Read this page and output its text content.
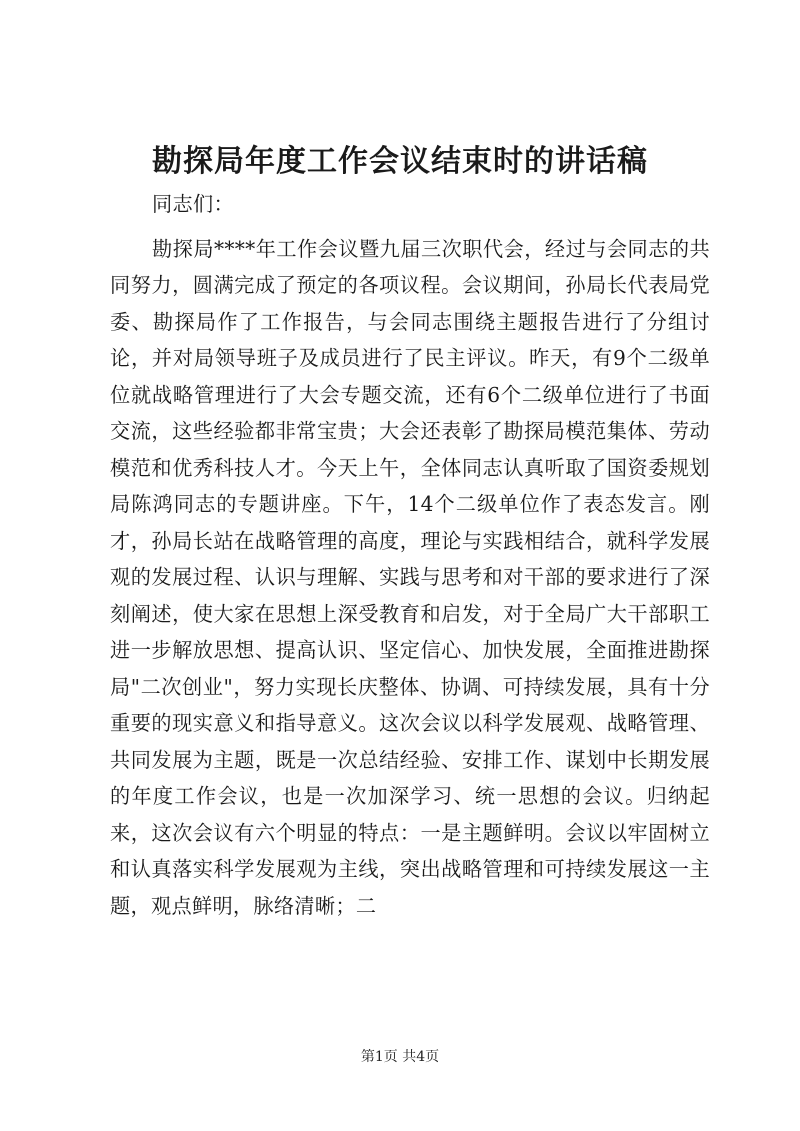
勘探局年度工作会议结束时的讲话稿

同志们：

勘探局****年工作会议暨九届三次职代会，经过与会同志的共同努力，圆满完成了预定的各项议程。会议期间，孙局长代表局党委、勘探局作了工作报告，与会同志围绕主题报告进行了分组讨论，并对局领导班子及成员进行了民主评议。昨天，有9个二级单位就战略管理进行了大会专题交流，还有6个二级单位进行了书面交流，这些经验都非常宝贵；大会还表彰了勘探局模范集体、劳动模范和优秀科技人才。今天上午，全体同志认真听取了国资委规划局陈鸿同志的专题讲座。下午，14个二级单位作了表态发言。刚才，孙局长站在战略管理的高度，理论与实践相结合，就科学发展观的发展过程、认识与理解、实践与思考和对干部的要求进行了深刻阐述，使大家在思想上深受教育和启发，对于全局广大干部职工进一步解放思想、提高认识、坚定信心、加快发展，全面推进勘探局"二次创业"，努力实现长庆整体、协调、可持续发展，具有十分重要的现实意义和指导意义。这次会议以科学发展观、战略管理、共同发展为主题，既是一次总结经验、安排工作、谋划中长期发展的年度工作会议，也是一次加深学习、统一思想的会议。归纳起来，这次会议有六个明显的特点：一是主题鲜明。会议以牢固树立和认真落实科学发展观为主线，突出战略管理和可持续发展这一主题，观点鲜明，脉络清晰；二

第1页 共4页
